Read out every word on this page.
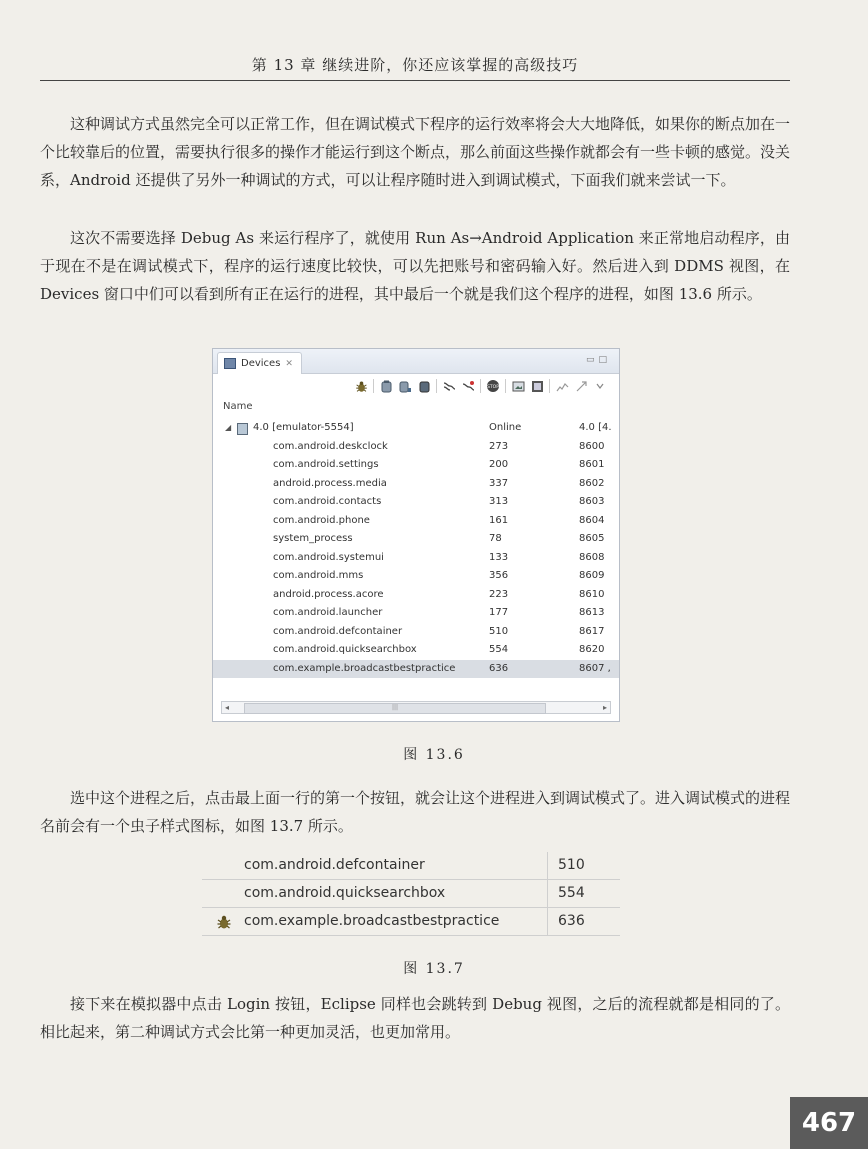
第 13 章 继续进阶，你还应该掌握的高级技巧

这种调试方式虽然完全可以正常工作，但在调试模式下程序的运行效率将会大大地降低，如果你的断点加在一个比较靠后的位置，需要执行很多的操作才能运行到这个断点，那么前面这些操作就都会有一些卡顿的感觉。没关系，Android 还提供了另外一种调试的方式，可以让程序随时进入到调试模式，下面我们就来尝试一下。

这次不需要选择 Debug As 来运行程序了，就使用 Run As→Android Application 来正常地启动程序，由于现在不是在调试模式下，程序的运行速度比较快，可以先把账号和密码输入好。然后进入到 DDMS 视图，在 Devices 窗口中们可以看到所有正在运行的进程，其中最后一个就是我们这个程序的进程，如图 13.6 所示。

Devices ✕	▭□
STOP
Name
◢ 4.0 [emulator-5554]	Online	4.0 [4.
com.android.deskclock	273	8600
com.android.settings	200	8601
android.process.media	337	8602
com.android.contacts	313	8603
com.android.phone	161	8604
system_process	78	8605
com.android.systemui	133	8608
com.android.mms	356	8609
android.process.acore	223	8610
com.android.launcher	177	8613
com.android.defcontainer	510	8617
com.android.quicksearchbox	554	8620
com.example.broadcastbestpractice	636	8607 ,
◂	|||	▸
图 13.6

选中这个进程之后，点击最上面一行的第一个按钮，就会让这个进程进入到调试模式了。进入调试模式的进程名前会有一个虫子样式图标，如图 13.7 所示。

com.android.defcontainer	510
com.android.quicksearchbox	554
com.example.broadcastbestpractice	636
图 13.7

接下来在模拟器中点击 Login 按钮，Eclipse 同样也会跳转到 Debug 视图，之后的流程就都是相同的了。相比起来，第二种调试方式会比第一种更加灵活，也更加常用。

467
